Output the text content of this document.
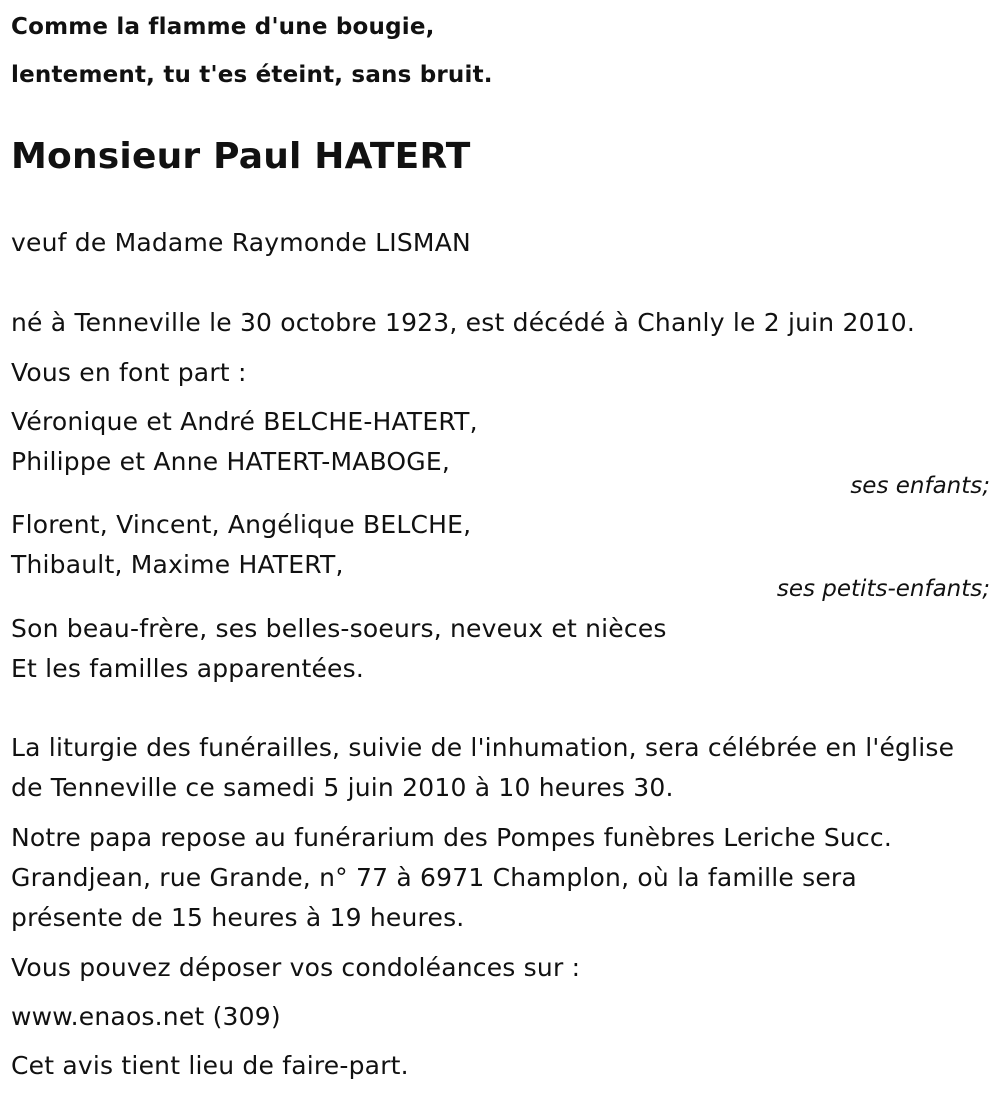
Comme la flamme d'une bougie,
lentement, tu t'es éteint, sans bruit.
Monsieur Paul HATERT
veuf de Madame Raymonde LISMAN
né à Tenneville le 30 octobre 1923, est décédé à Chanly le 2 juin 2010.
Vous en font part :
Véronique et André BELCHE-HATERT,
Philippe et Anne HATERT-MABOGE,
ses enfants;
Florent, Vincent, Angélique BELCHE,
Thibault, Maxime HATERT,
ses petits-enfants;
Son beau-frère, ses belles-soeurs, neveux et nièces
Et les familles apparentées.
La liturgie des funérailles, suivie de l'inhumation, sera célébrée en l'église
de Tenneville ce samedi 5 juin 2010 à 10 heures 30.
Notre papa repose au funérarium des Pompes funèbres Leriche Succ.
Grandjean, rue Grande, n° 77 à 6971 Champlon, où la famille sera
présente de 15 heures à 19 heures.
Vous pouvez déposer vos condoléances sur :
www.enaos.net (309)
Cet avis tient lieu de faire-part.
